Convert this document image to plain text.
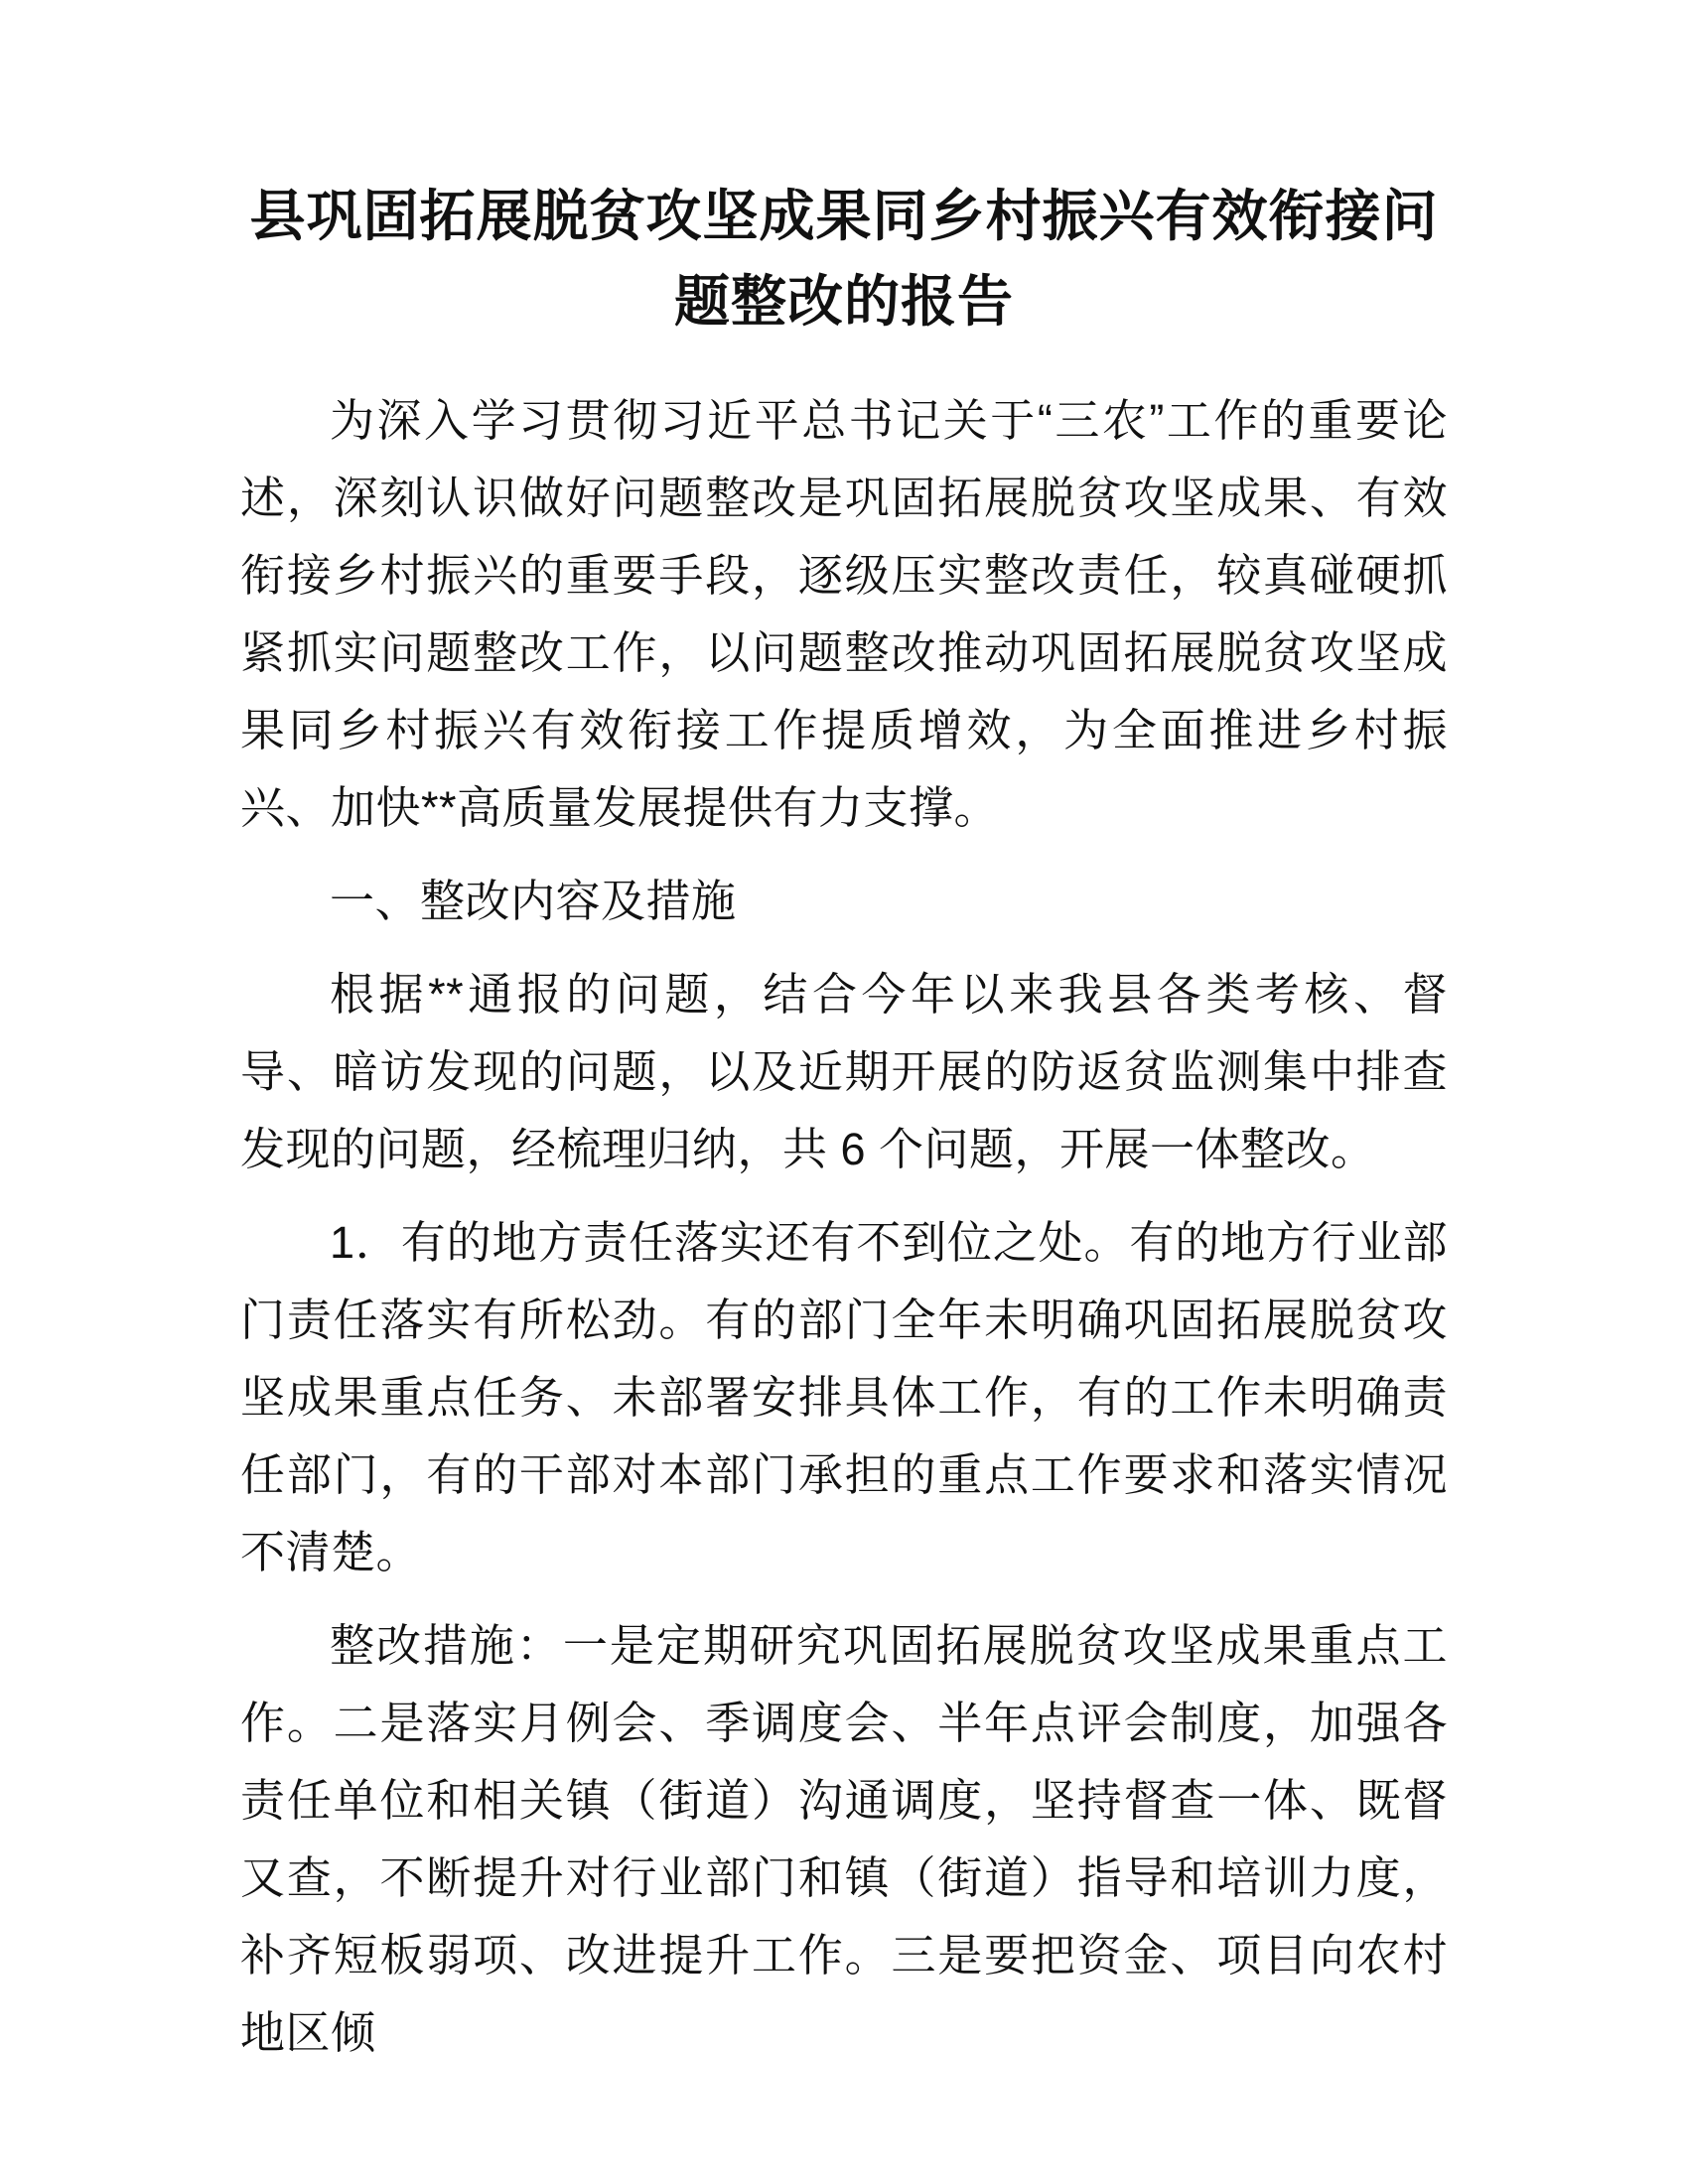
县巩固拓展脱贫攻坚成果同乡村振兴有效衔接问题整改的报告

为深入学习贯彻习近平总书记关于“三农”工作的重要论述，深刻认识做好问题整改是巩固拓展脱贫攻坚成果、有效衔接乡村振兴的重要手段，逐级压实整改责任，较真碰硬抓紧抓实问题整改工作，以问题整改推动巩固拓展脱贫攻坚成果同乡村振兴有效衔接工作提质增效，为全面推进乡村振兴、加快**高质量发展提供有力支撑。

一、整改内容及措施

根据**通报的问题，结合今年以来我县各类考核、督导、暗访发现的问题，以及近期开展的防返贫监测集中排查发现的问题，经梳理归纳，共 6 个问题，开展一体整改。

1．有的地方责任落实还有不到位之处。有的地方行业部门责任落实有所松劲。有的部门全年未明确巩固拓展脱贫攻坚成果重点任务、未部署安排具体工作，有的工作未明确责任部门，有的干部对本部门承担的重点工作要求和落实情况不清楚。

整改措施：一是定期研究巩固拓展脱贫攻坚成果重点工作。二是落实月例会、季调度会、半年点评会制度，加强各责任单位和相关镇（街道）沟通调度，坚持督查一体、既督又查，不断提升对行业部门和镇（街道）指导和培训力度，补齐短板弱项、改进提升工作。三是要把资金、项目向农村地区倾
